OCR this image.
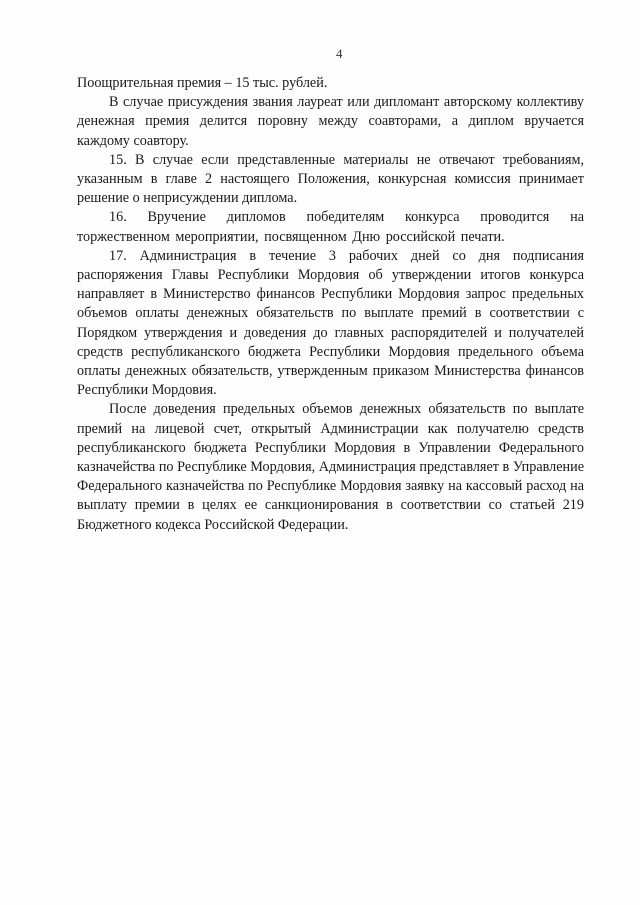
4

Поощрительная премия – 15 тыс. рублей.

В случае присуждения звания лауреат или дипломант авторскому коллективу денежная премия делится поровну между соавторами, а диплом вручается каждому соавтору.

15. В случае если представленные материалы не отвечают требованиям, указанным в главе 2 настоящего Положения, конкурсная комиссия принимает решение о неприсуждении диплома.

16. Вручение дипломов победителям конкурса проводится на торжественном мероприятии, посвященном Дню российской печати.

17. Администрация в течение 3 рабочих дней со дня подписания распоряжения Главы Республики Мордовия об утверждении итогов конкурса направляет в Министерство финансов Республики Мордовия запрос предельных объемов оплаты денежных обязательств по выплате премий в соответствии с Порядком утверждения и доведения до главных распорядителей и получателей средств республиканского бюджета Республики Мордовия предельного объема оплаты денежных обязательств, утвержденным приказом Министерства финансов Республики Мордовия.

После доведения предельных объемов денежных обязательств по выплате премий на лицевой счет, открытый Администрации как получателю средств республиканского бюджета Республики Мордовия в Управлении Федерального казначейства по Республике Мордовия, Администрация представляет в Управление Федерального казначейства по Республике Мордовия заявку на кассовый расход на выплату премии в целях ее санкционирования в соответствии со статьей 219 Бюджетного кодекса Российской Федерации.
